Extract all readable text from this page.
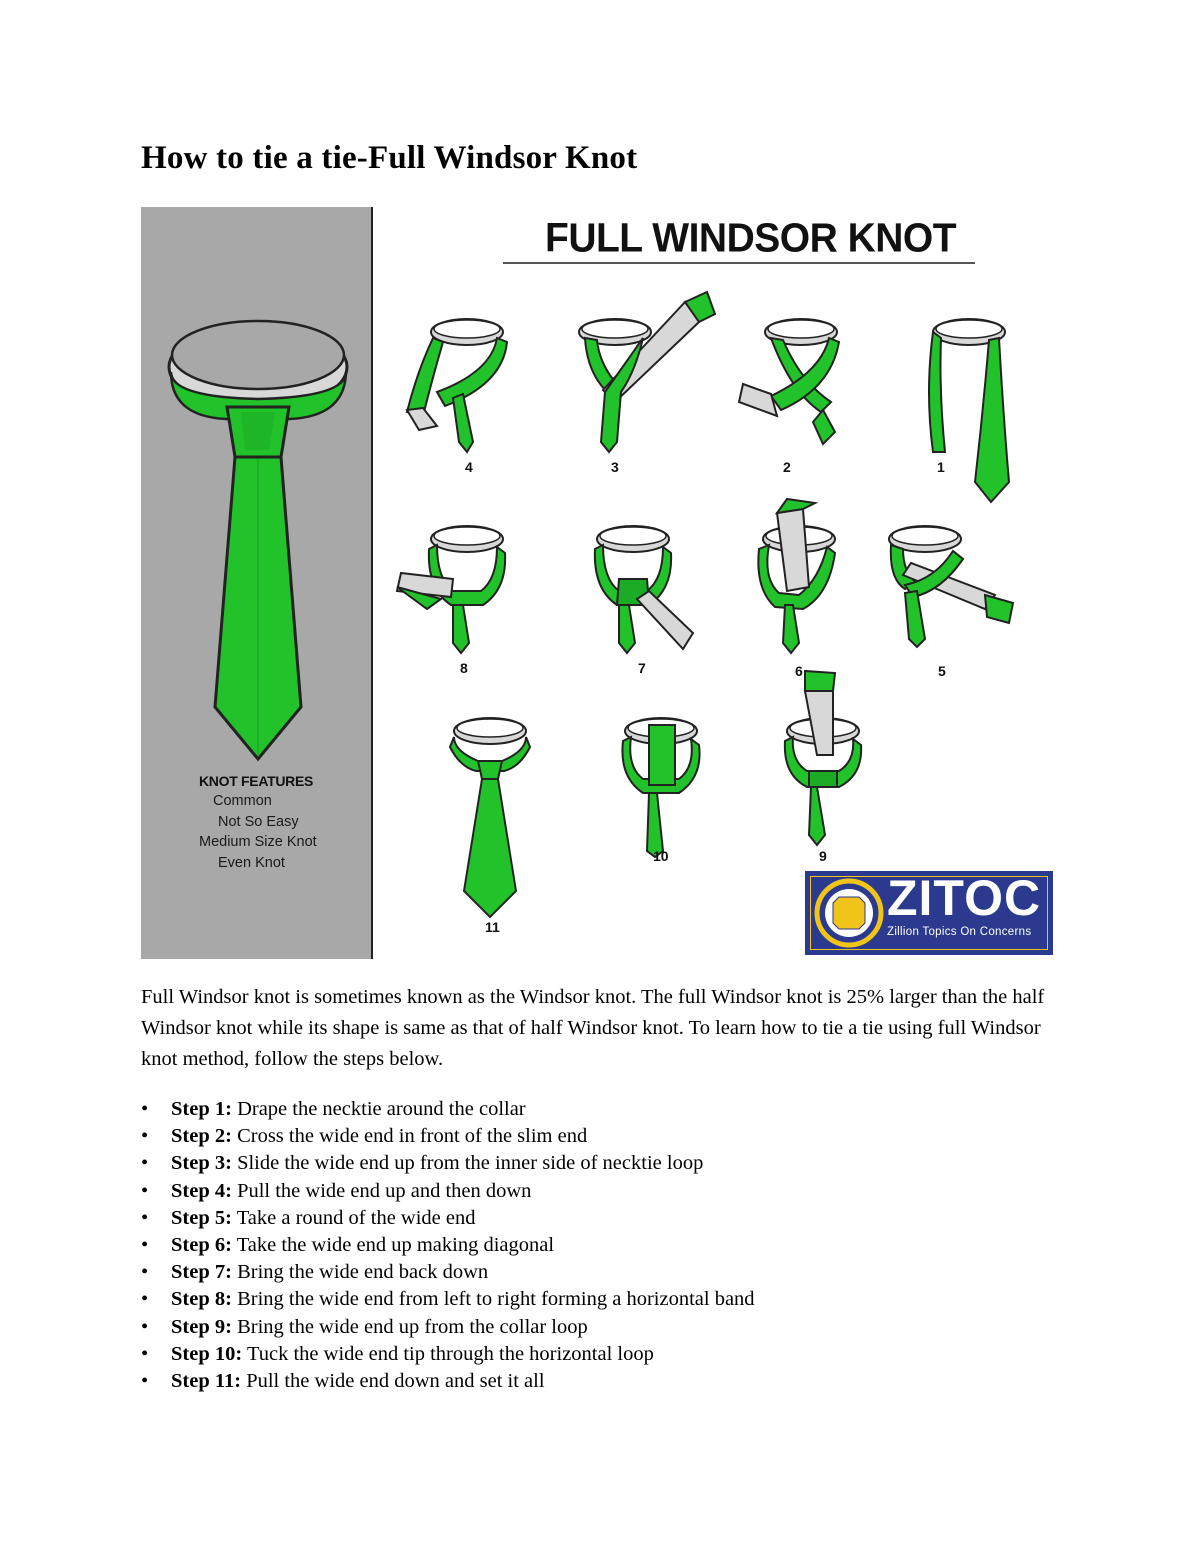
How to tie a tie-Full Windsor Knot
KNOT FEATURES
Common
Not So Easy
Medium Size Knot
Even Knot
FULL WINDSOR KNOT
1
2
3
4
5
6
7
8
9
10
11
ZITOC
Zillion Topics On Concerns

Full Windsor knot is sometimes known as the Windsor knot. The full Windsor knot is 25% larger than the half Windsor knot while its shape is same as that of half Windsor knot. To learn how to tie a tie using full Windsor knot method, follow the steps below.

• Step 1: Drape the necktie around the collar
• Step 2: Cross the wide end in front of the slim end
• Step 3: Slide the wide end up from the inner side of necktie loop
• Step 4: Pull the wide end up and then down
• Step 5: Take a round of the wide end
• Step 6: Take the wide end up making diagonal
• Step 7: Bring the wide end back down
• Step 8: Bring the wide end from left to right forming a horizontal band
• Step 9: Bring the wide end up from the collar loop
• Step 10: Tuck the wide end tip through the horizontal loop
• Step 11: Pull the wide end down and set it all
